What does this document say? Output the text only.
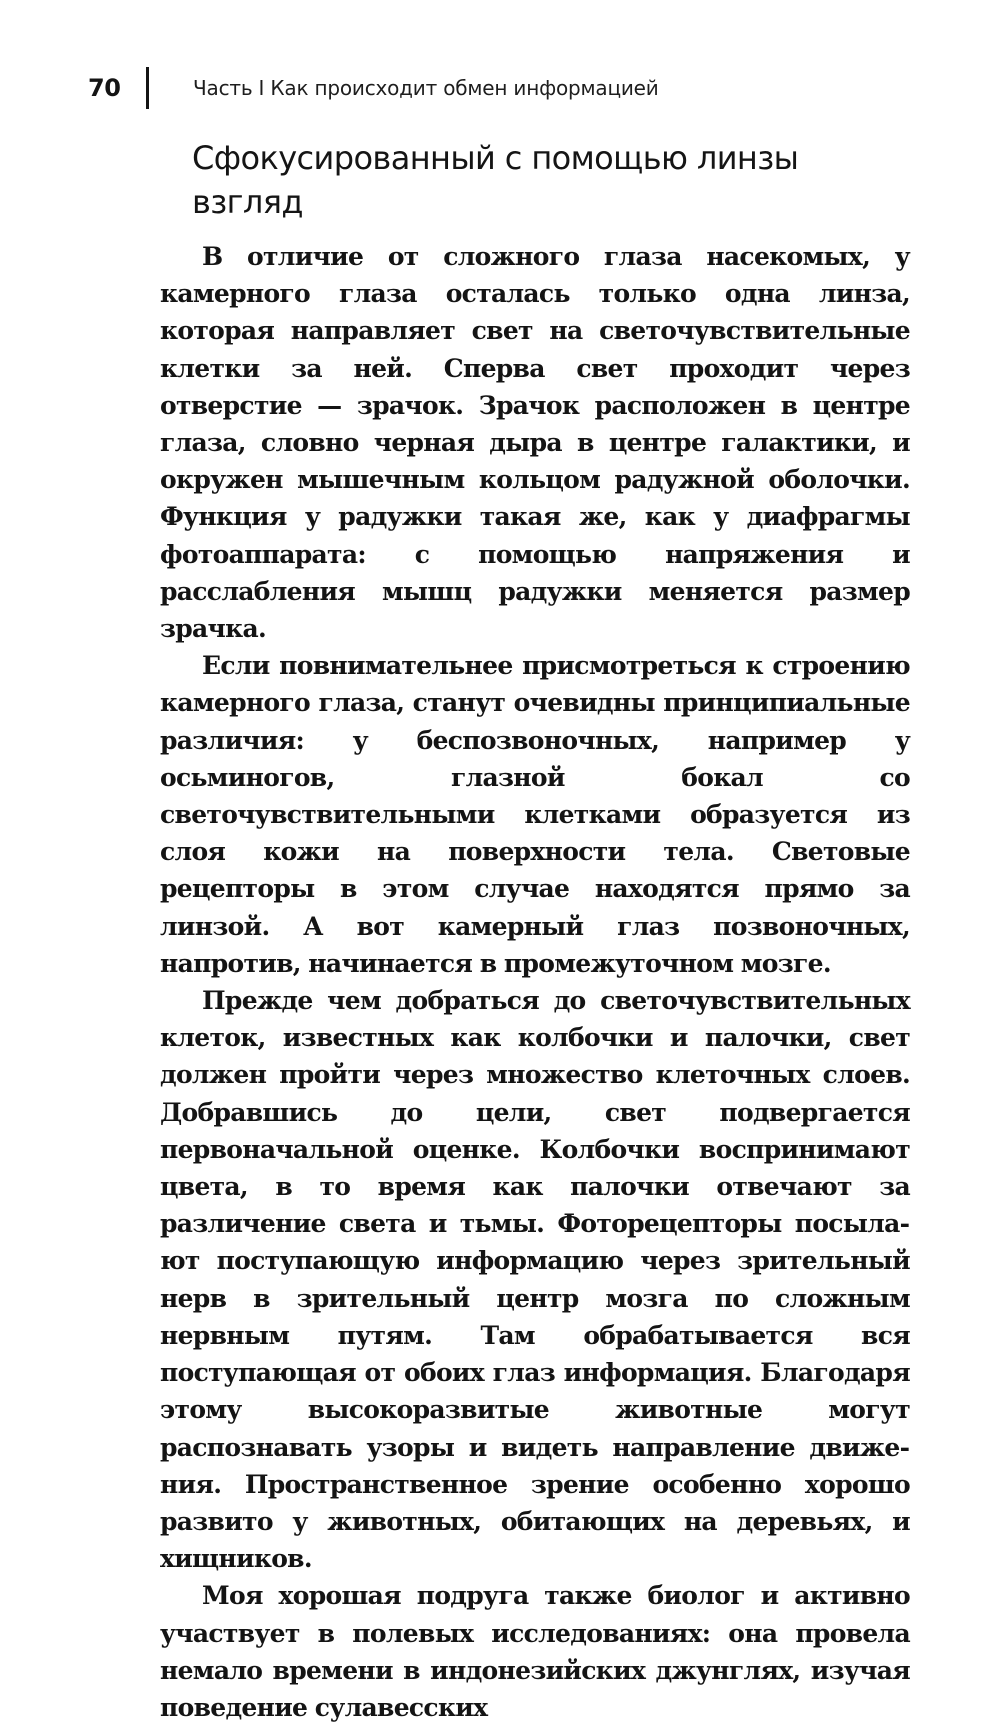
70	Часть I Как происходит обмен информацией
Сфокусированный с помощью линзы взгляд

В отличие от сложного глаза насекомых, у камерного глаза осталась только одна линза, которая направляет свет на светочувствительные клетки за ней. Сперва свет проходит через отверстие — зрачок. Зрачок расположен в центре глаза, словно черная дыра в центре галактики, и окружен мышечным кольцом радужной оболочки. Функция у радужки такая же, как у диафрагмы фотоаппарата: с помощью напряжения и расслабления мышц радужки меняется размер зрачка.

Если повнимательнее присмотреться к строению камерного глаза, станут очевидны принципиальные различия: у беспозвоночных, например у осьминогов, глазной бокал со светочувствительными клетками образуется из слоя кожи на поверхности тела. Световые рецепторы в этом случае находятся прямо за линзой. А вот камерный глаз позвоночных, напротив, начинается в промежуточном мозге.

Прежде чем добраться до светочувствительных клеток, известных как колбочки и палочки, свет должен пройти через множество клеточных слоев. Добравшись до цели, свет подвергается первоначальной оценке. Колбочки воспринимают цвета, в то время как палочки отвечают за различение света и тьмы. Фоторецепторы посылают поступающую информацию через зрительный нерв в зрительный центр мозга по сложным нервным путям. Там обрабатывается вся поступающая от обоих глаз информация. Благодаря этому высокоразвитые животные могут распознавать узоры и видеть направление движения. Пространственное зрение особенно хорошо развито у животных, обитающих на деревьях, и хищников.

Моя хорошая подруга также биолог и активно участвует в полевых исследованиях: она провела немало времени в индонезийских джунглях, изучая поведение сулавесских
